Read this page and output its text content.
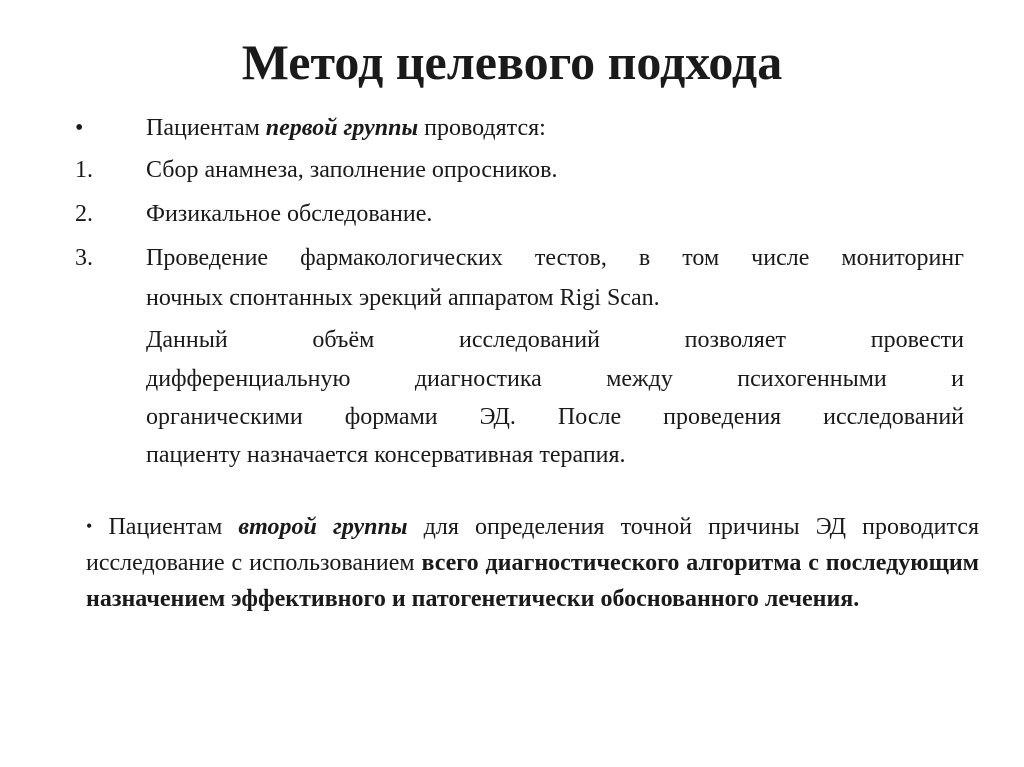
Метод целевого подхода
•	Пациентам первой группы проводятся:
1. Сбор анамнеза, заполнение опросников.
2. Физикальное обследование.
3. Проведение фармакологических тестов, в том числе мониторинг
ночных спонтанных эрекций аппаратом Rigi Scan.
Данный объём исследований позволяет провести
дифференциальную диагностика между психогенными и
органическими формами ЭД. После проведения исследований
пациенту назначается консервативная терапия.
• Пациентам второй группы для определения точной причины ЭД проводится исследование с использованием всего диагностического алгоритма с последующим назначением эффективного и патогенетически обоснованного лечения.
